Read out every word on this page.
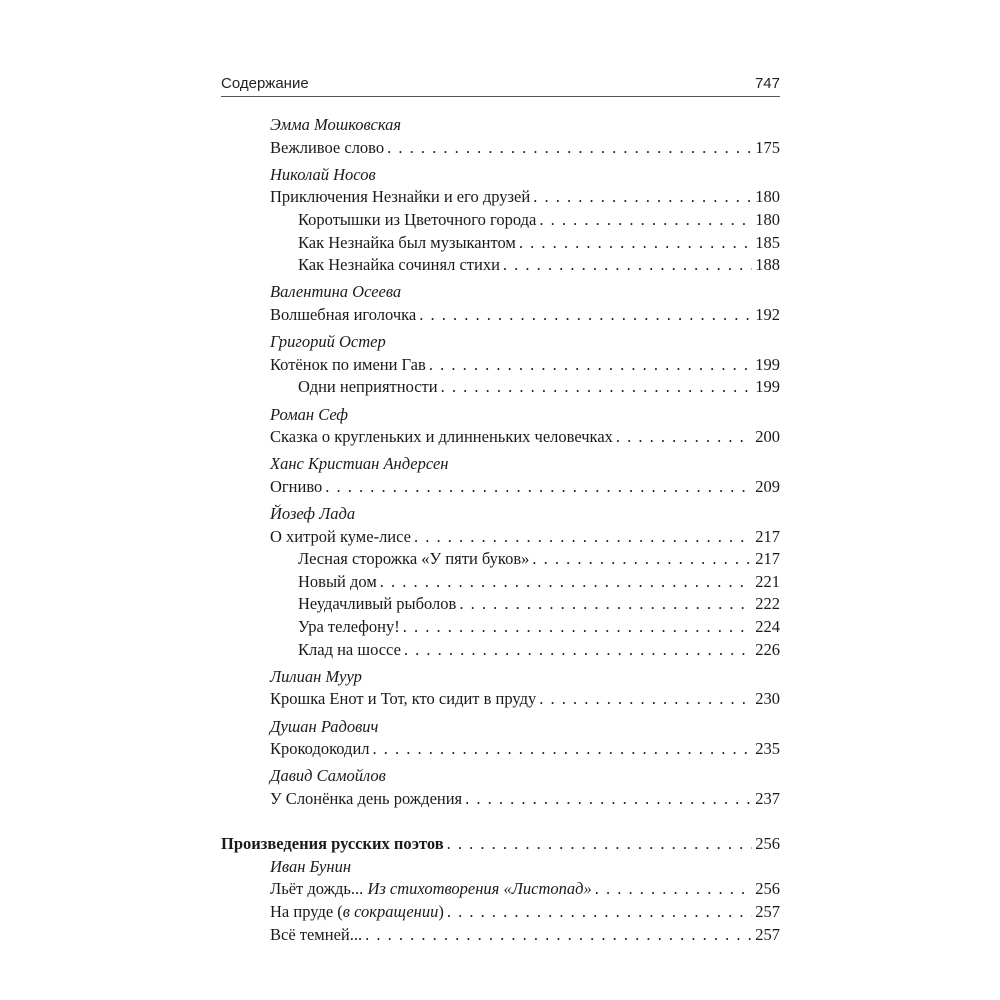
Содержание	747
Эмма Мошковская
Вежливое слово . . .	175
Николай Носов
Приключения Незнайки и его друзей . . .	180
Коротышки из Цветочного города . . .	180
Как Незнайка был музыкантом . . .	185
Как Незнайка сочинял стихи . . .	188
Валентина Осеева
Волшебная иголочка . . .	192
Григорий Остер
Котёнок по имени Гав . . .	199
Одни неприятности . . .	199
Роман Сеф
Сказка о кругленьких и длинненьких человечках . . .	200
Ханс Кристиан Андерсен
Огниво . . .	209
Йозеф Лада
О хитрой куме-лисе . . .	217
Лесная сторожка «У пяти буков» . . .	217
Новый дом . . .	221
Неудачливый рыболов . . .	222
Ура телефону! . . .	224
Клад на шоссе . . .	226
Лилиан Муур
Крошка Енот и Тот, кто сидит в пруду . . .	230
Душан Радович
Крокодокодил . . .	235
Давид Самойлов
У Слонёнка день рождения . . .	237
Произведения русских поэтов . . .	256
Иван Бунин
Льёт дождь... Из стихотворения «Листопад» . . .	256
На пруде (в сокращении) . . .	257
Всё темней... . . .	257
